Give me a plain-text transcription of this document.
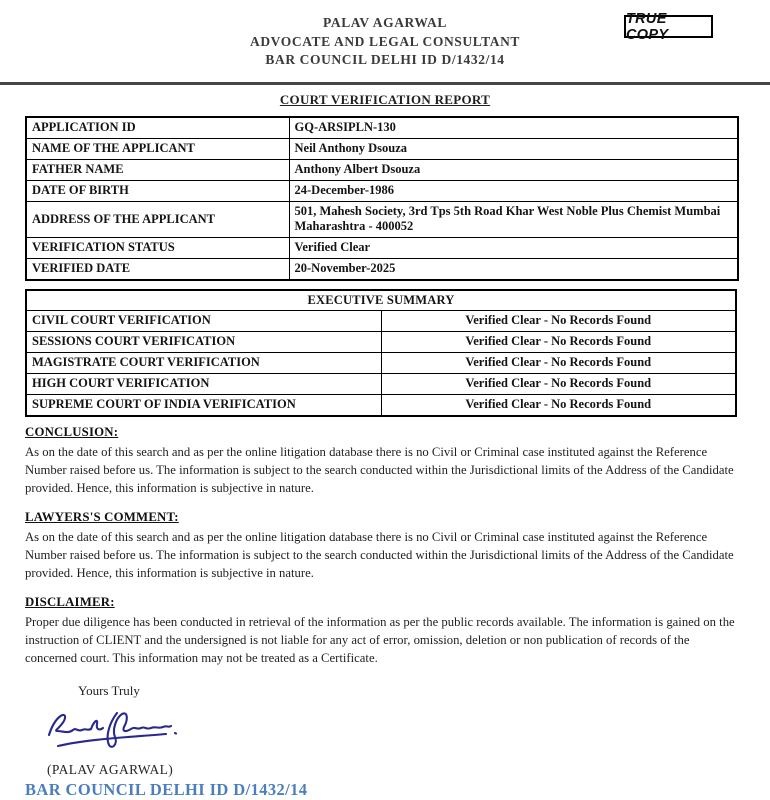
PALAV AGARWAL
ADVOCATE AND LEGAL CONSULTANT
BAR COUNCIL DELHI ID D/1432/14
TRUE COPY
COURT VERIFICATION REPORT
APPLICATION ID	GQ-ARSIPLN-130
NAME OF THE APPLICANT	Neil Anthony Dsouza
FATHER NAME	Anthony Albert Dsouza
DATE OF BIRTH	24-December-1986
ADDRESS OF THE APPLICANT	501, Mahesh Society, 3rd Tps 5th Road Khar West Noble Plus Chemist Mumbai Maharashtra - 400052
VERIFICATION STATUS	Verified Clear
VERIFIED DATE	20-November-2025
EXECUTIVE SUMMARY	
CIVIL COURT VERIFICATION	Verified Clear - No Records Found
SESSIONS COURT VERIFICATION	Verified Clear - No Records Found
MAGISTRATE COURT VERIFICATION	Verified Clear - No Records Found
HIGH COURT VERIFICATION	Verified Clear - No Records Found
SUPREME COURT OF INDIA VERIFICATION	Verified Clear - No Records Found
CONCLUSION:
As on the date of this search and as per the online litigation database there is no Civil or Criminal case instituted against the Reference Number raised before us. The information is subject to the search conducted within the Jurisdictional limits of the Address of the Candidate provided. Hence, this information is subjective in nature.
LAWYERS'S COMMENT:
As on the date of this search and as per the online litigation database there is no Civil or Criminal case instituted against the Reference Number raised before us. The information is subject to the search conducted within the Jurisdictional limits of the Address of the Candidate provided. Hence, this information is subjective in nature.
DISCLAIMER:
Proper due diligence has been conducted in retrieval of the information as per the public records available. The information is gained on the instruction of CLIENT and the undersigned is not liable for any act of error, omission, deletion or non publication of records of the concerned court. This information may not be treated as a Certificate.
Yours Truly
(PALAV AGARWAL)
BAR COUNCIL DELHI ID D/1432/14
